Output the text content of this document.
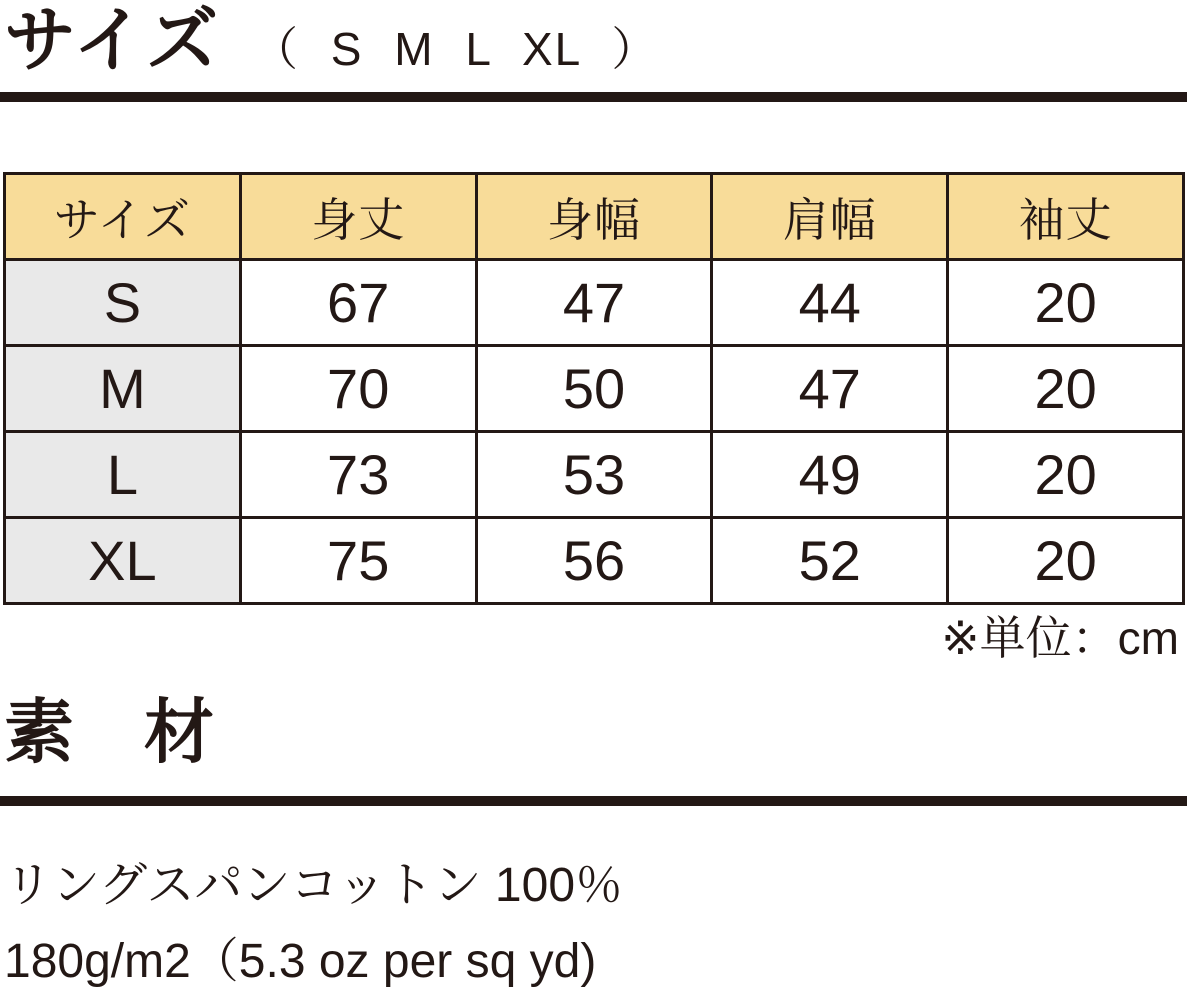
サイズ （ S M L XL ）
サイズ	身丈	身幅	肩幅	袖丈
S	67	47	44	20
M	70	50	47	20
L	73	53	49	20
XL	75	56	52	20
※単位：cm
素　材
リングスパンコットン 100％
180g/m2（5.3 oz per sq yd)
